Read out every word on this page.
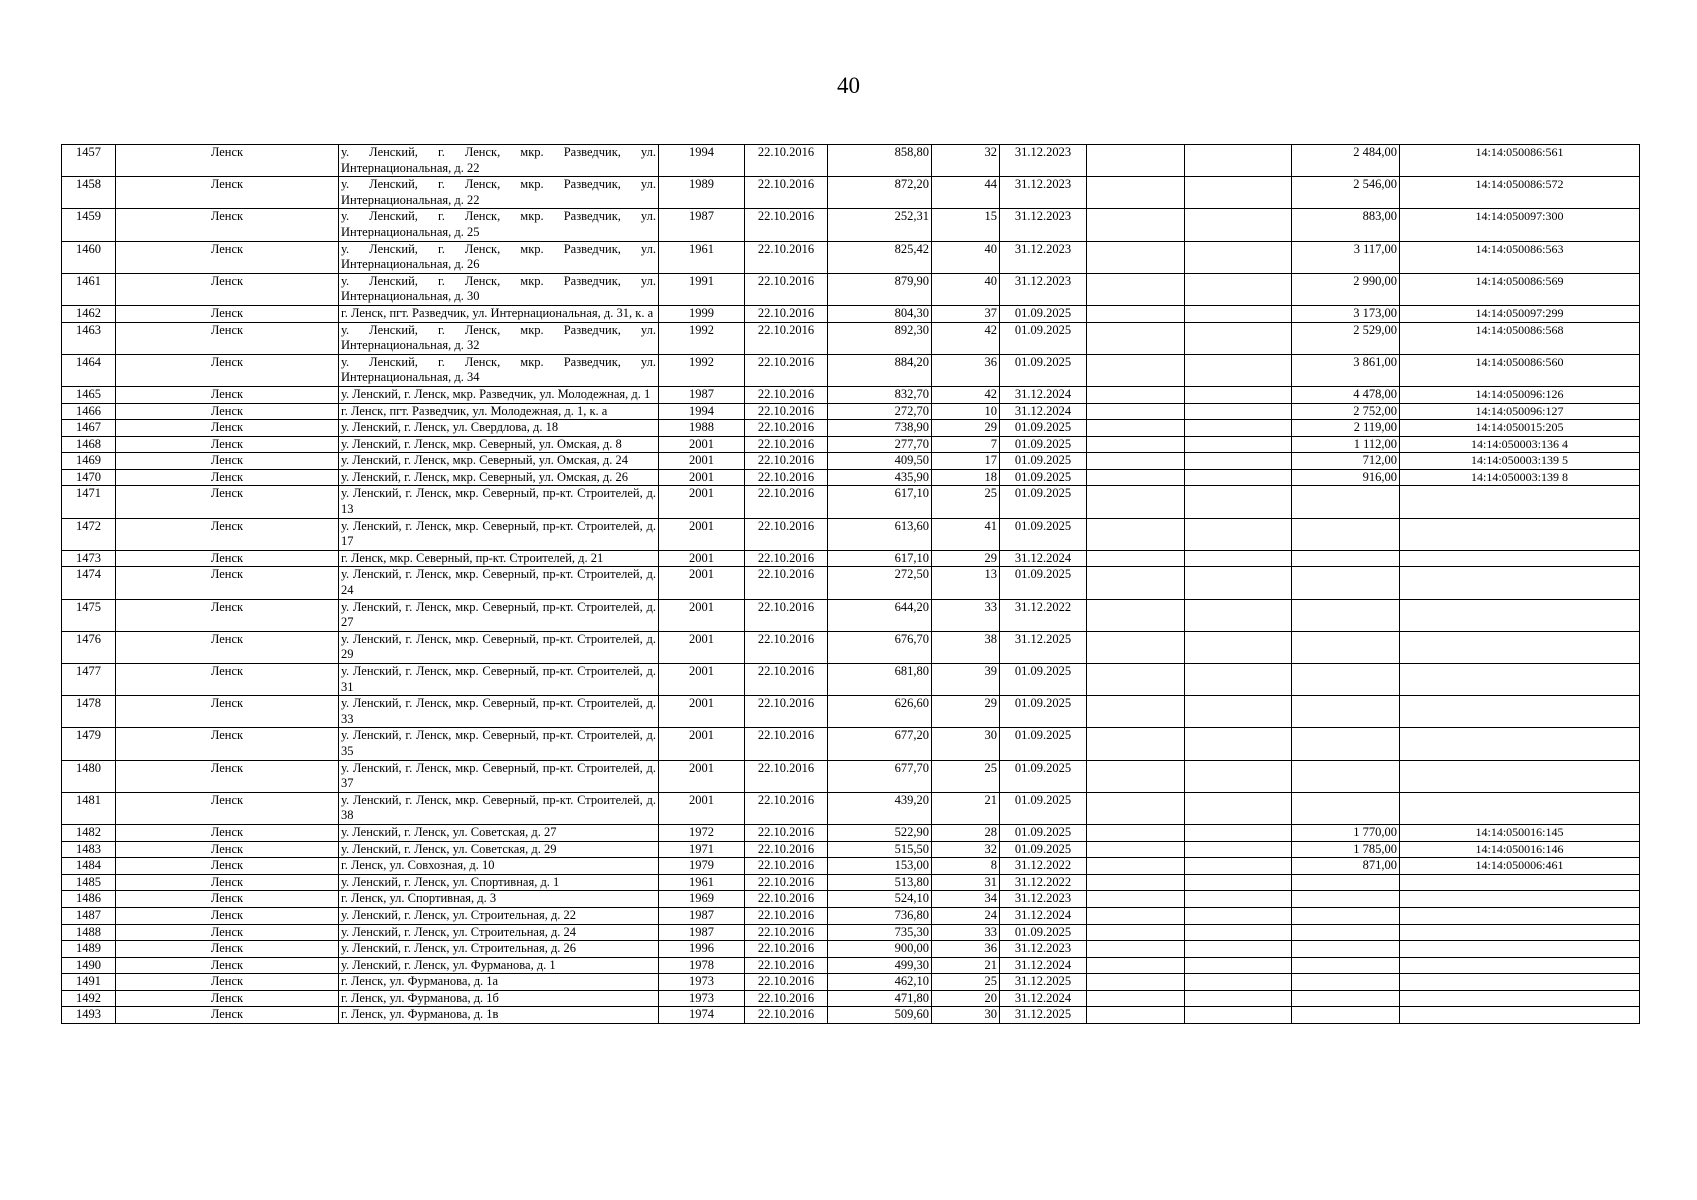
40
1457	Ленск	у. Ленский, г. Ленск, мкр. Разведчик, ул. Интернациональная, д. 22	1994	22.10.2016	858,80	32	31.12.2023			2 484,00	14:14:050086:561	
1458	Ленск	у. Ленский, г. Ленск, мкр. Разведчик, ул. Интернациональная, д. 22	1989	22.10.2016	872,20	44	31.12.2023			2 546,00	14:14:050086:572	
1459	Ленск	у. Ленский, г. Ленск, мкр. Разведчик, ул. Интернациональная, д. 25	1987	22.10.2016	252,31	15	31.12.2023			883,00	14:14:050097:300	
1460	Ленск	у. Ленский, г. Ленск, мкр. Разведчик, ул. Интернациональная, д. 26	1961	22.10.2016	825,42	40	31.12.2023			3 117,00	14:14:050086:563	
1461	Ленск	у. Ленский, г. Ленск, мкр. Разведчик, ул. Интернациональная, д. 30	1991	22.10.2016	879,90	40	31.12.2023			2 990,00	14:14:050086:569	
1462	Ленск	г. Ленск, пгт. Разведчик, ул. Интернациональная, д. 31, к. а	1999	22.10.2016	804,30	37	01.09.2025			3 173,00	14:14:050097:299	
1463	Ленск	у. Ленский, г. Ленск, мкр. Разведчик, ул. Интернациональная, д. 32	1992	22.10.2016	892,30	42	01.09.2025			2 529,00	14:14:050086:568	
1464	Ленск	у. Ленский, г. Ленск, мкр. Разведчик, ул. Интернациональная, д. 34	1992	22.10.2016	884,20	36	01.09.2025			3 861,00	14:14:050086:560	
1465	Ленск	у. Ленский, г. Ленск, мкр. Разведчик, ул. Молодежная, д. 1	1987	22.10.2016	832,70	42	31.12.2024			4 478,00	14:14:050096:126	
1466	Ленск	г. Ленск, пгт. Разведчик, ул. Молодежная, д. 1, к. а	1994	22.10.2016	272,70	10	31.12.2024			2 752,00	14:14:050096:127	
1467	Ленск	у. Ленский, г. Ленск, ул. Свердлова, д. 18	1988	22.10.2016	738,90	29	01.09.2025			2 119,00	14:14:050015:205	
1468	Ленск	у. Ленский, г. Ленск, мкр. Северный, ул. Омская, д. 8	2001	22.10.2016	277,70	7	01.09.2025			1 112,00	14:14:050003:136 4	
1469	Ленск	у. Ленский, г. Ленск, мкр. Северный, ул. Омская, д. 24	2001	22.10.2016	409,50	17	01.09.2025			712,00	14:14:050003:139 5	
1470	Ленск	у. Ленский, г. Ленск, мкр. Северный, ул. Омская, д. 26	2001	22.10.2016	435,90	18	01.09.2025			916,00	14:14:050003:139 8	
1471	Ленск	у. Ленский, г. Ленск, мкр. Северный, пр-кт. Строителей, д. 13	2001	22.10.2016	617,10	25	01.09.2025					
1472	Ленск	у. Ленский, г. Ленск, мкр. Северный, пр-кт. Строителей, д. 17	2001	22.10.2016	613,60	41	01.09.2025					
1473	Ленск	г. Ленск, мкр. Северный, пр-кт. Строителей, д. 21	2001	22.10.2016	617,10	29	31.12.2024					
1474	Ленск	у. Ленский, г. Ленск, мкр. Северный, пр-кт. Строителей, д. 24	2001	22.10.2016	272,50	13	01.09.2025					
1475	Ленск	у. Ленский, г. Ленск, мкр. Северный, пр-кт. Строителей, д. 27	2001	22.10.2016	644,20	33	31.12.2022					
1476	Ленск	у. Ленский, г. Ленск, мкр. Северный, пр-кт. Строителей, д. 29	2001	22.10.2016	676,70	38	31.12.2025					
1477	Ленск	у. Ленский, г. Ленск, мкр. Северный, пр-кт. Строителей, д. 31	2001	22.10.2016	681,80	39	01.09.2025					
1478	Ленск	у. Ленский, г. Ленск, мкр. Северный, пр-кт. Строителей, д. 33	2001	22.10.2016	626,60	29	01.09.2025					
1479	Ленск	у. Ленский, г. Ленск, мкр. Северный, пр-кт. Строителей, д. 35	2001	22.10.2016	677,20	30	01.09.2025					
1480	Ленск	у. Ленский, г. Ленск, мкр. Северный, пр-кт. Строителей, д. 37	2001	22.10.2016	677,70	25	01.09.2025					
1481	Ленск	у. Ленский, г. Ленск, мкр. Северный, пр-кт. Строителей, д. 38	2001	22.10.2016	439,20	21	01.09.2025					
1482	Ленск	у. Ленский, г. Ленск, ул. Советская, д. 27	1972	22.10.2016	522,90	28	01.09.2025			1 770,00	14:14:050016:145	
1483	Ленск	у. Ленский, г. Ленск, ул. Советская, д. 29	1971	22.10.2016	515,50	32	01.09.2025			1 785,00	14:14:050016:146	
1484	Ленск	г. Ленск, ул. Совхозная, д. 10	1979	22.10.2016	153,00	8	31.12.2022			871,00	14:14:050006:461	
1485	Ленск	у. Ленский, г. Ленск, ул. Спортивная, д. 1	1961	22.10.2016	513,80	31	31.12.2022					
1486	Ленск	г. Ленск, ул. Спортивная, д. 3	1969	22.10.2016	524,10	34	31.12.2023					
1487	Ленск	у. Ленский, г. Ленск, ул. Строительная, д. 22	1987	22.10.2016	736,80	24	31.12.2024					
1488	Ленск	у. Ленский, г. Ленск, ул. Строительная, д. 24	1987	22.10.2016	735,30	33	01.09.2025					
1489	Ленск	у. Ленский, г. Ленск, ул. Строительная, д. 26	1996	22.10.2016	900,00	36	31.12.2023					
1490	Ленск	у. Ленский, г. Ленск, ул. Фурманова, д. 1	1978	22.10.2016	499,30	21	31.12.2024					
1491	Ленск	г. Ленск, ул. Фурманова, д. 1а	1973	22.10.2016	462,10	25	31.12.2025					
1492	Ленск	г. Ленск, ул. Фурманова, д. 1б	1973	22.10.2016	471,80	20	31.12.2024					
1493	Ленск	г. Ленск, ул. Фурманова, д. 1в	1974	22.10.2016	509,60	30	31.12.2025					
